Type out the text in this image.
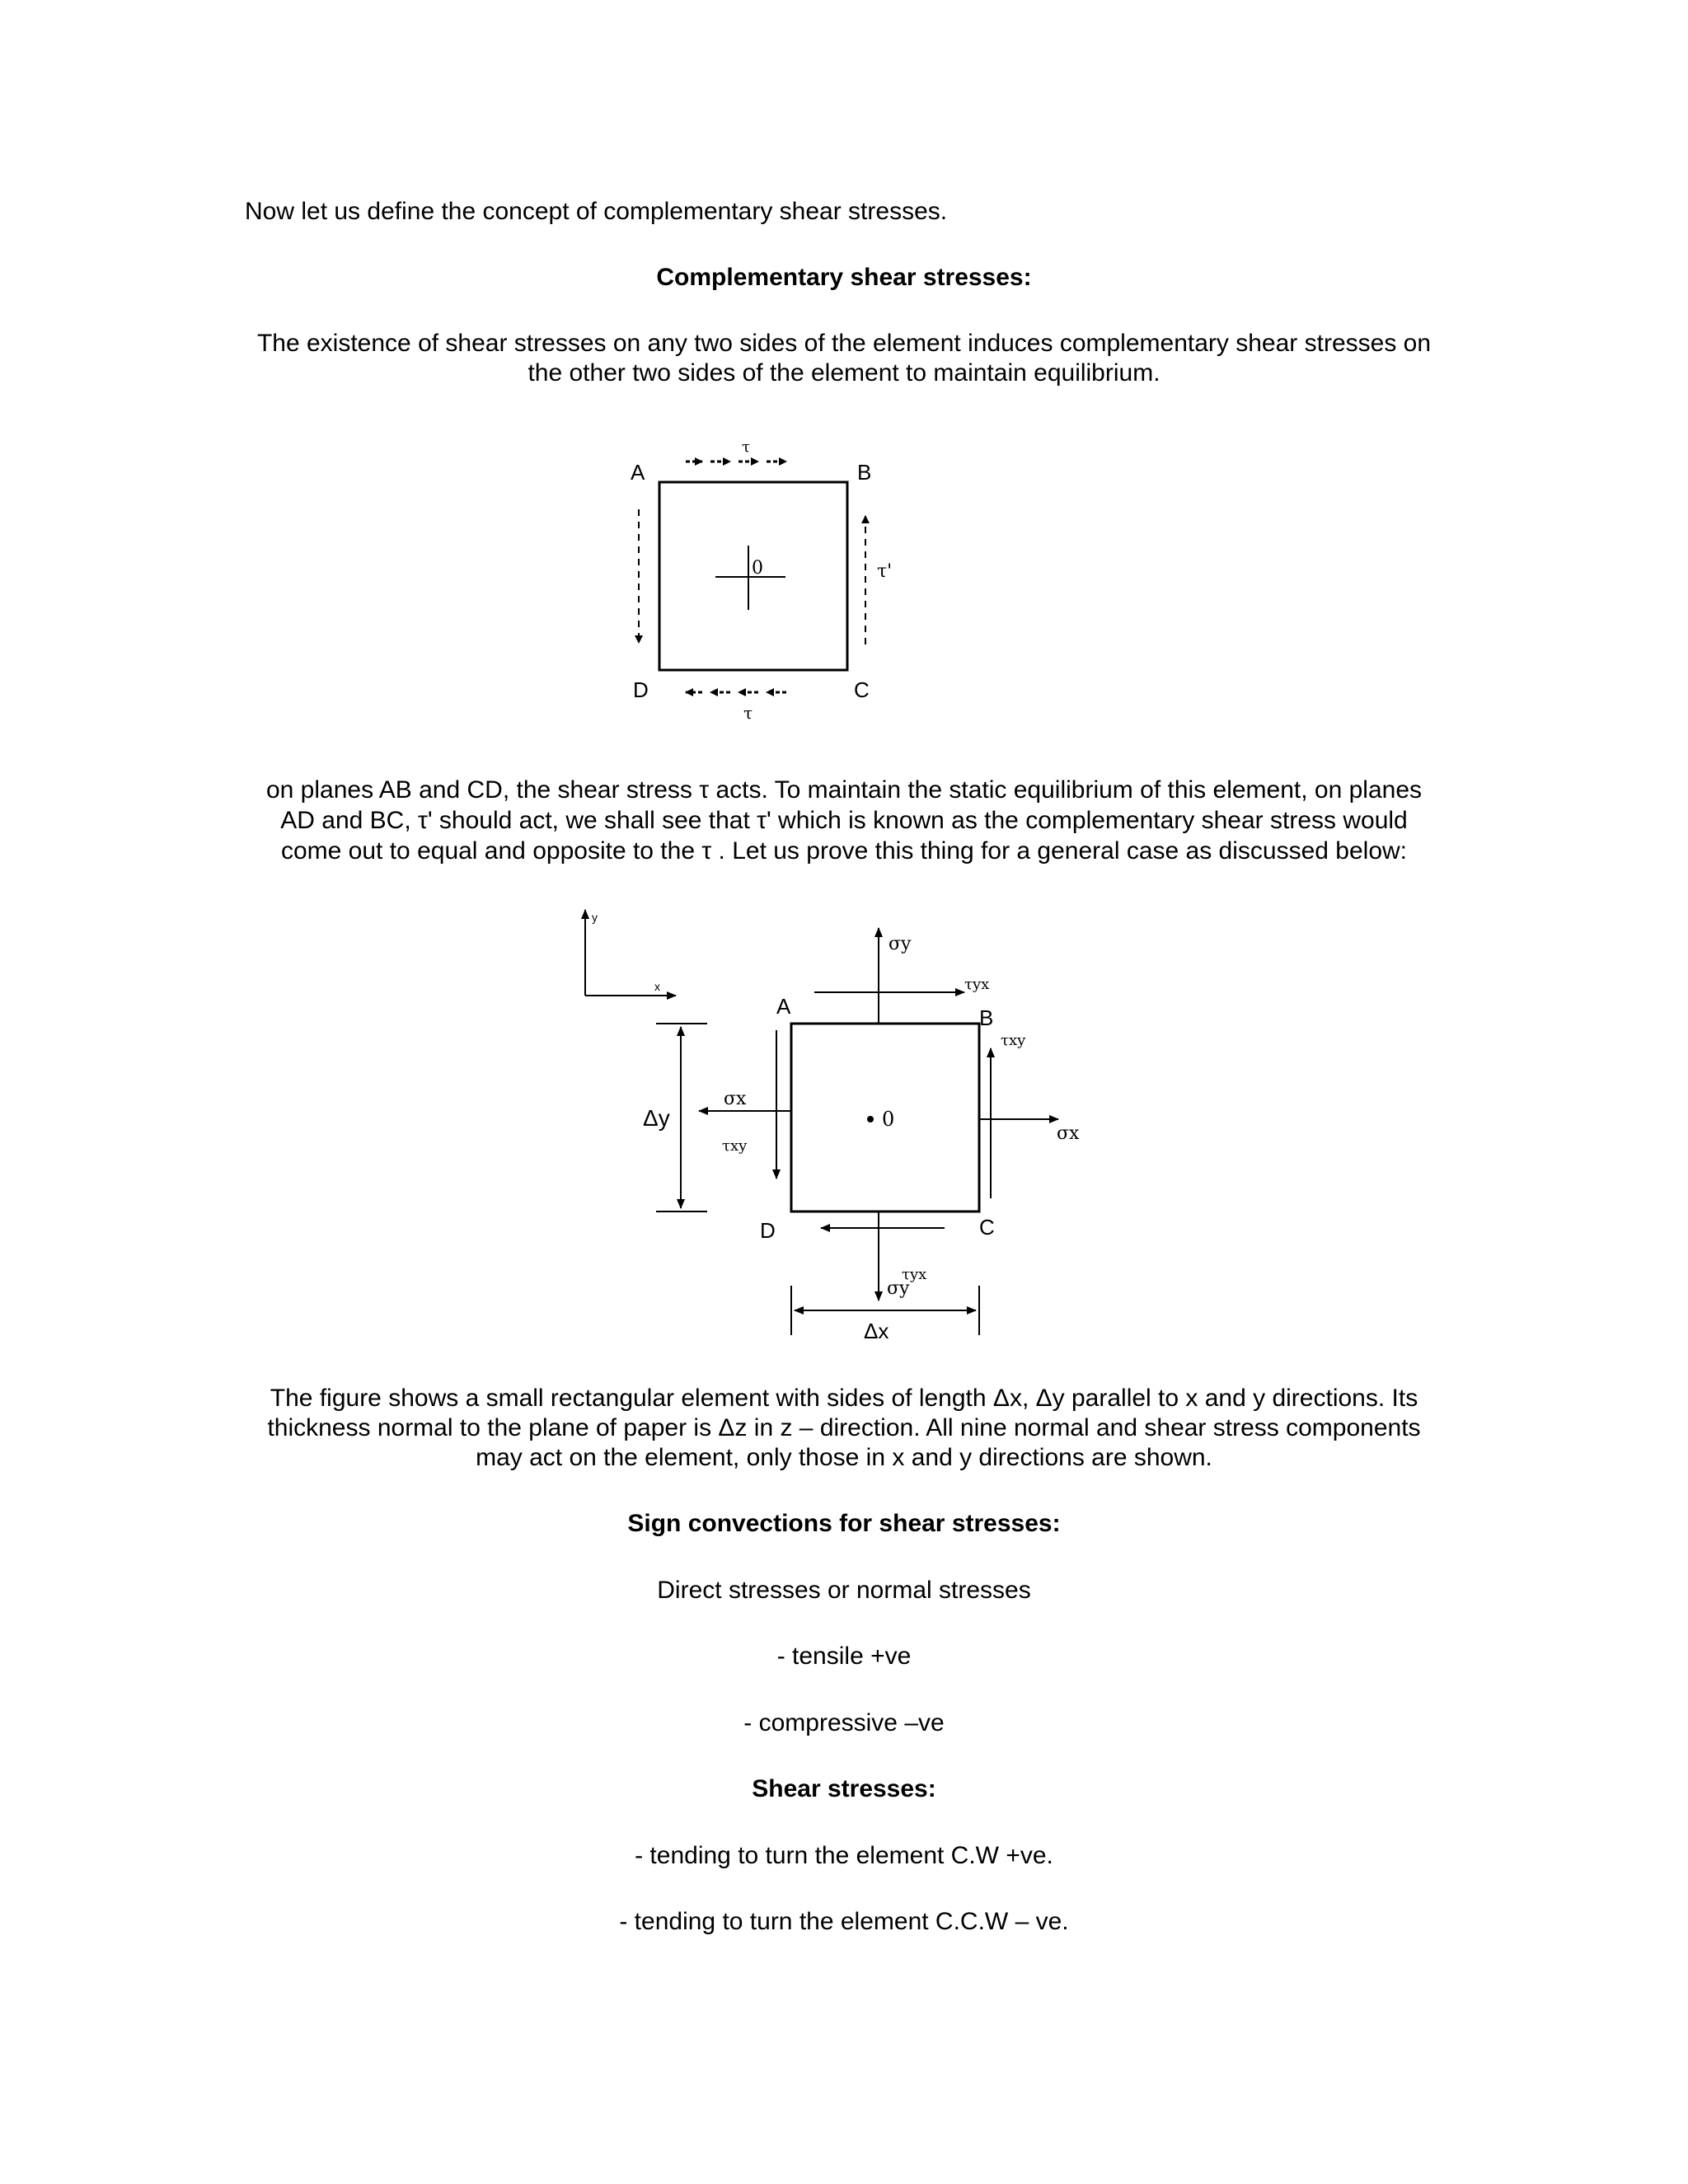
Now let us define the concept of complementary shear stresses.
Complementary shear stresses:
The existence of shear stresses on any two sides of the element induces complementary shear stresses on
the other two sides of the element to maintain equilibrium.
0
A	B
C
D
τ
τ
τ'
on planes AB and CD, the shear stress τ acts. To maintain the static equilibrium of this element, on planes
AD and BC, τ' should act, we shall see that τ' which is known as the complementary shear stress would
come out to equal and opposite to the τ . Let us prove this thing for a general case as discussed below:
y
x
0
A	B
C
D
σy
τyx
σx
τxy
σx
τxy
σy
τyx
Δy
Δx
The figure shows a small rectangular element with sides of length Δx, Δy parallel to x and y directions. Its
thickness normal to the plane of paper is Δz in z – direction. All nine normal and shear stress components
may act on the element, only those in x and y directions are shown.
Sign convections for shear stresses:
Direct stresses or normal stresses
- tensile +ve
- compressive –ve
Shear stresses:
- tending to turn the element C.W +ve.
- tending to turn the element C.C.W – ve.
